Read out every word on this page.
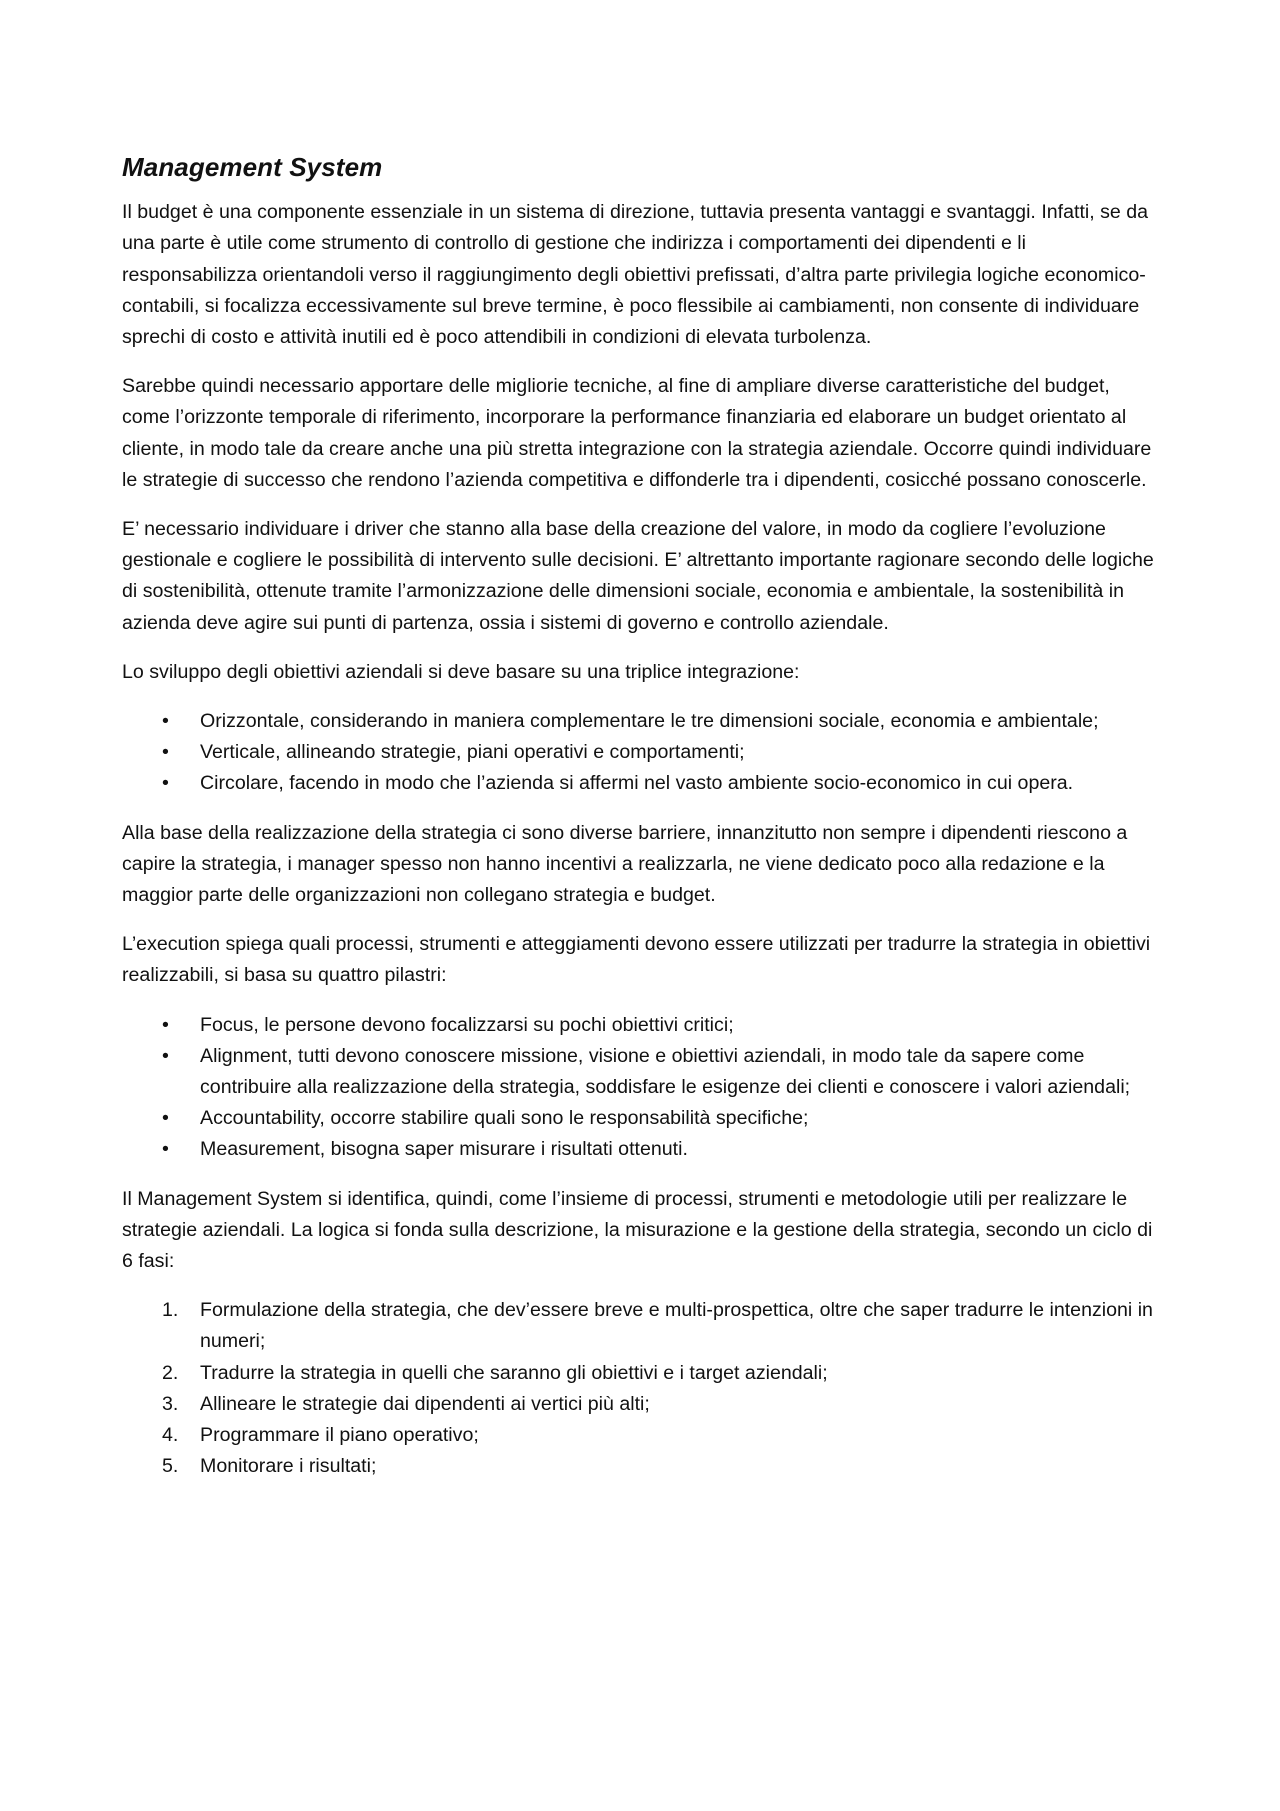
Management System

Il budget è una componente essenziale in un sistema di direzione, tuttavia presenta vantaggi e svantaggi. Infatti, se da una parte è utile come strumento di controllo di gestione che indirizza i comportamenti dei dipendenti e li responsabilizza orientandoli verso il raggiungimento degli obiettivi prefissati, d’altra parte privilegia logiche economico-contabili, si focalizza eccessivamente sul breve termine, è poco flessibile ai cambiamenti, non consente di individuare sprechi di costo e attività inutili ed è poco attendibili in condizioni di elevata turbolenza.

Sarebbe quindi necessario apportare delle migliorie tecniche, al fine di ampliare diverse caratteristiche del budget, come l’orizzonte temporale di riferimento, incorporare la performance finanziaria ed elaborare un budget orientato al cliente, in modo tale da creare anche una più stretta integrazione con la strategia aziendale. Occorre quindi individuare le strategie di successo che rendono l’azienda competitiva e diffonderle tra i dipendenti, cosicché possano conoscerle.

E’ necessario individuare i driver che stanno alla base della creazione del valore, in modo da cogliere l’evoluzione gestionale e cogliere le possibilità di intervento sulle decisioni. E’ altrettanto importante ragionare secondo delle logiche di sostenibilità, ottenute tramite l’armonizzazione delle dimensioni sociale, economia e ambientale, la sostenibilità in azienda deve agire sui punti di partenza, ossia i sistemi di governo e controllo aziendale.

Lo sviluppo degli obiettivi aziendali si deve basare su una triplice integrazione:

• Orizzontale, considerando in maniera complementare le tre dimensioni sociale, economia e ambientale;
• Verticale, allineando strategie, piani operativi e comportamenti;
• Circolare, facendo in modo che l’azienda si affermi nel vasto ambiente socio-economico in cui opera.

Alla base della realizzazione della strategia ci sono diverse barriere, innanzitutto non sempre i dipendenti riescono a capire la strategia, i manager spesso non hanno incentivi a realizzarla, ne viene dedicato poco alla redazione e la maggior parte delle organizzazioni non collegano strategia e budget.

L’execution spiega quali processi, strumenti e atteggiamenti devono essere utilizzati per tradurre la strategia in obiettivi realizzabili, si basa su quattro pilastri:

• Focus, le persone devono focalizzarsi su pochi obiettivi critici;
• Alignment, tutti devono conoscere missione, visione e obiettivi aziendali, in modo tale da sapere come contribuire alla realizzazione della strategia, soddisfare le esigenze dei clienti e conoscere i valori aziendali;
• Accountability, occorre stabilire quali sono le responsabilità specifiche;
• Measurement, bisogna saper misurare i risultati ottenuti.

Il Management System si identifica, quindi, come l’insieme di processi, strumenti e metodologie utili per realizzare le strategie aziendali. La logica si fonda sulla descrizione, la misurazione e la gestione della strategia, secondo un ciclo di 6 fasi:

1. Formulazione della strategia, che dev’essere breve e multi-prospettica, oltre che saper tradurre le intenzioni in numeri;
2. Tradurre la strategia in quelli che saranno gli obiettivi e i target aziendali;
3. Allineare le strategie dai dipendenti ai vertici più alti;
4. Programmare il piano operativo;
5. Monitorare i risultati;
